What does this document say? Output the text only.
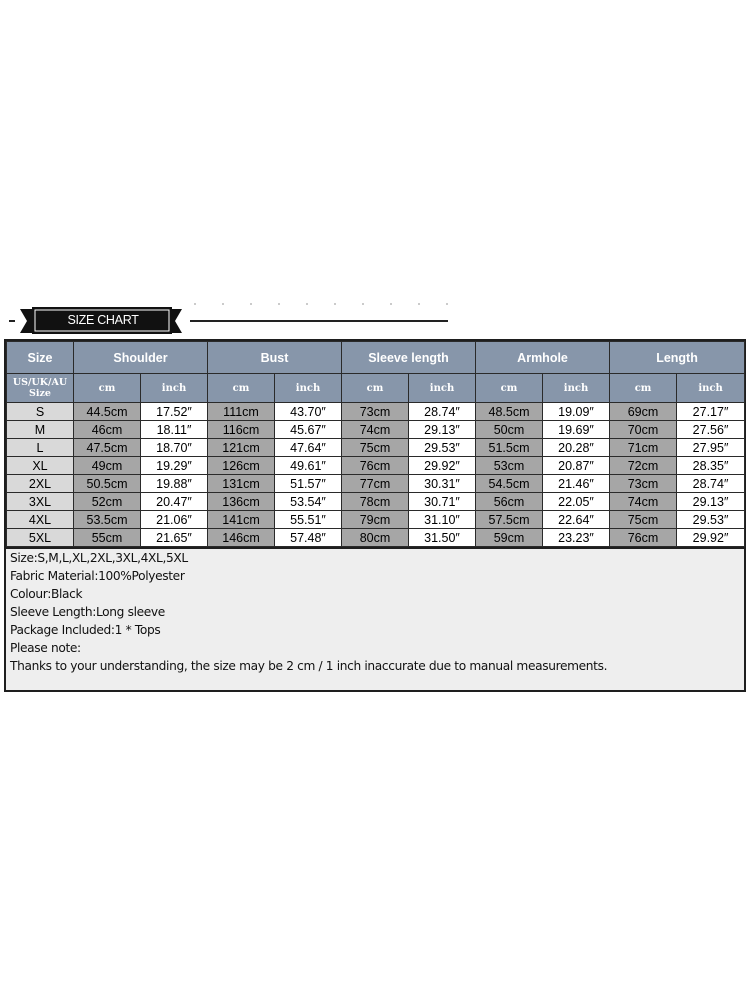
SIZE CHART
Size	Shoulder		Bust		Sleeve length		Armhole		Length	
US/UK/AU Size	cm	inch	cm	inch	cm	inch	cm	inch	cm	inch
S	44.5cm	17.52″	111cm	43.70″	73cm	28.74″	48.5cm	19.09″	69cm	27.17″
M	46cm	18.11″	116cm	45.67″	74cm	29.13″	50cm	19.69″	70cm	27.56″
L	47.5cm	18.70″	121cm	47.64″	75cm	29.53″	51.5cm	20.28″	71cm	27.95″
XL	49cm	19.29″	126cm	49.61″	76cm	29.92″	53cm	20.87″	72cm	28.35″
2XL	50.5cm	19.88″	131cm	51.57″	77cm	30.31″	54.5cm	21.46″	73cm	28.74″
3XL	52cm	20.47″	136cm	53.54″	78cm	30.71″	56cm	22.05″	74cm	29.13″
4XL	53.5cm	21.06″	141cm	55.51″	79cm	31.10″	57.5cm	22.64″	75cm	29.53″
5XL	55cm	21.65″	146cm	57.48″	80cm	31.50″	59cm	23.23″	76cm	29.92″
Size:S,M,L,XL,2XL,3XL,4XL,5XL
Fabric Material:100%Polyester
Colour:Black
Sleeve Length:Long sleeve
Package Included:1 * Tops
Please note:
Thanks to your understanding, the size may be 2 cm / 1 inch inaccurate due to manual measurements.
